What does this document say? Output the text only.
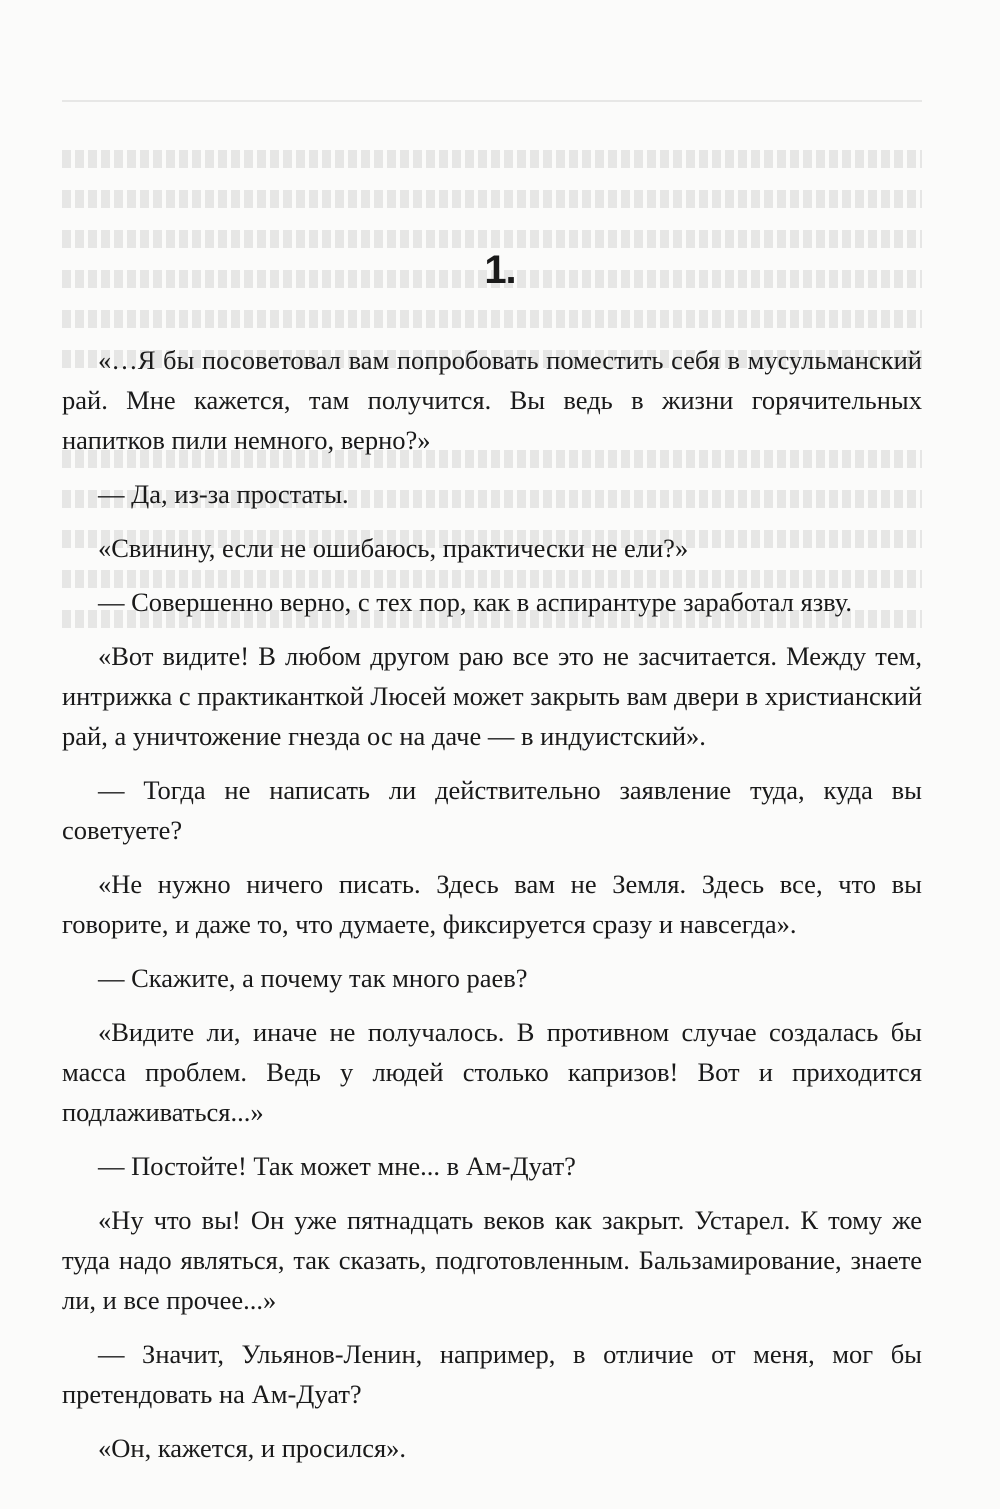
1.

«…Я бы посоветовал вам попробовать поместить себя в мусульманский рай. Мне кажется, там получится. Вы ведь в жизни горячительных напитков пили немного, верно?»

— Да, из-за простаты.

«Свинину, если не ошибаюсь, практически не ели?»

— Совершенно верно, с тех пор, как в аспирантуре заработал язву.

«Вот видите! В любом другом раю все это не засчитается. Между тем, интрижка с практиканткой Люсей может закрыть вам двери в христианский рай, а уничтожение гнезда ос на даче — в индуистский».

— Тогда не написать ли действительно заявление туда, куда вы советуете?

«Не нужно ничего писать. Здесь вам не Земля. Здесь все, что вы говорите, и даже то, что думаете, фиксируется сразу и навсегда».

— Скажите, а почему так много раев?

«Видите ли, иначе не получалось. В противном случае создалась бы масса проблем. Ведь у людей столько капризов! Вот и приходится подлаживаться...»

— Постойте! Так может мне... в Ам-Дуат?

«Ну что вы! Он уже пятнадцать веков как закрыт. Устарел. К тому же туда надо являться, так сказать, подготовленным. Бальзамирование, знаете ли, и все прочее...»

— Значит, Ульянов-Ленин, например, в отличие от меня, мог бы претендовать на Ам-Дуат?

«Он, кажется, и просился».
